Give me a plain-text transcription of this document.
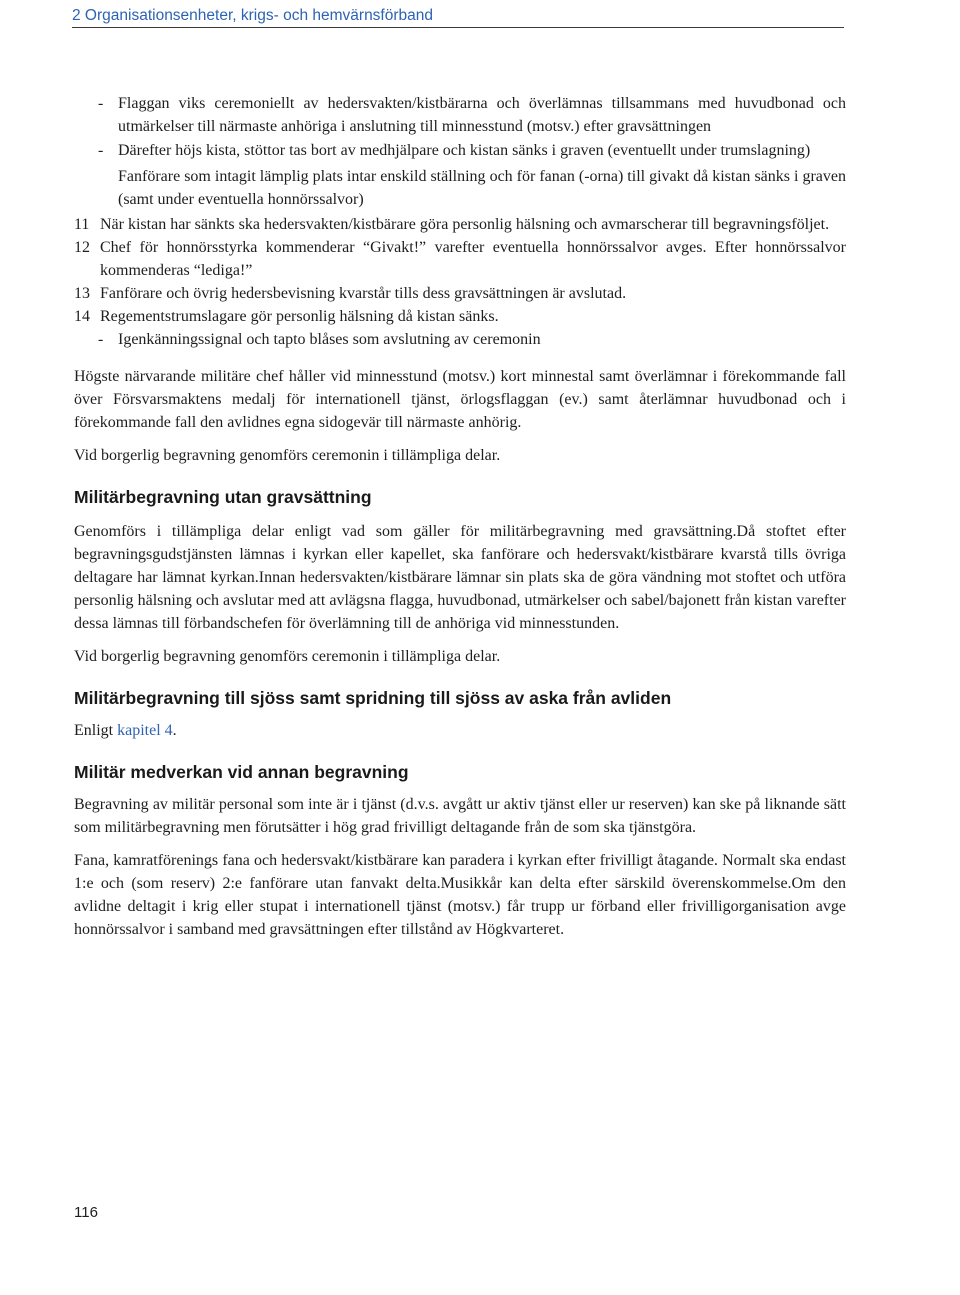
2 Organisationsenheter, krigs- och hemvärnsförband

- Flaggan viks ceremoniellt av hedersvakten/kistbärarna och överlämnas tillsammans med huvudbonad och utmärkelser till närmaste anhöriga i anslutning till minnesstund (motsv.) efter gravsättningen

- Därefter höjs kista, stöttor tas bort av medhjälpare och kistan sänks i graven (eventuellt under trumslagning)

Fanförare som intagit lämplig plats intar enskild ställning och för fanan (-orna) till givakt då kistan sänks i graven (samt under eventuella honnörssalvor)

11 När kistan har sänkts ska hedersvakten/kistbärare göra personlig hälsning och avmarscherar till begravningsföljet.

12 Chef för honnörsstyrka kommenderar “Givakt!” varefter eventuella honnörssalvor avges. Efter honnörssalvor kommenderas “lediga!”

13 Fanförare och övrig hedersbevisning kvarstår tills dess gravsättningen är avslutad.

14 Regementstrumslagare gör personlig hälsning då kistan sänks.

- Igenkänningssignal och tapto blåses som avslutning av ceremonin

Högste närvarande militäre chef håller vid minnesstund (motsv.) kort minnestal samt överlämnar i förekommande fall över Försvarsmaktens medalj för internationell tjänst, örlogsflaggan (ev.) samt återlämnar huvudbonad och i förekommande fall den avlidnes egna sidogevär till närmaste anhörig.

Vid borgerlig begravning genomförs ceremonin i tillämpliga delar.

Militärbegravning utan gravsättning

Genomförs i tillämpliga delar enligt vad som gäller för militärbegravning med gravsättning.Då stoftet efter begravningsgudstjänsten lämnas i kyrkan eller kapellet, ska fanförare och hedersvakt/kistbärare kvarstå tills övriga deltagare har lämnat kyrkan.Innan hedersvakten/kistbärare lämnar sin plats ska de göra vändning mot stoftet och utföra personlig hälsning och avslutar med att avlägsna flagga, huvudbonad, utmärkelser och sabel/bajonett från kistan varefter dessa lämnas till förbandschefen för överlämning till de anhöriga vid minnesstunden.

Vid borgerlig begravning genomförs ceremonin i tillämpliga delar.

Militärbegravning till sjöss samt spridning till sjöss av aska från avliden

Enligt kapitel 4.

Militär medverkan vid annan begravning

Begravning av militär personal som inte är i tjänst (d.v.s. avgått ur aktiv tjänst eller ur reserven) kan ske på liknande sätt som militärbegravning men förutsätter i hög grad frivilligt deltagande från de som ska tjänstgöra.

Fana, kamratförenings fana och hedersvakt/kistbärare kan paradera i kyrkan efter frivilligt åtagande. Normalt ska endast 1:e och (som reserv) 2:e fanförare utan fanvakt delta.Musikkår kan delta efter särskild överenskommelse.Om den avlidne deltagit i krig eller stupat i internationell tjänst (motsv.) får trupp ur förband eller frivilligorganisation avge honnörssalvor i samband med gravsättningen efter tillstånd av Högkvarteret.

116
